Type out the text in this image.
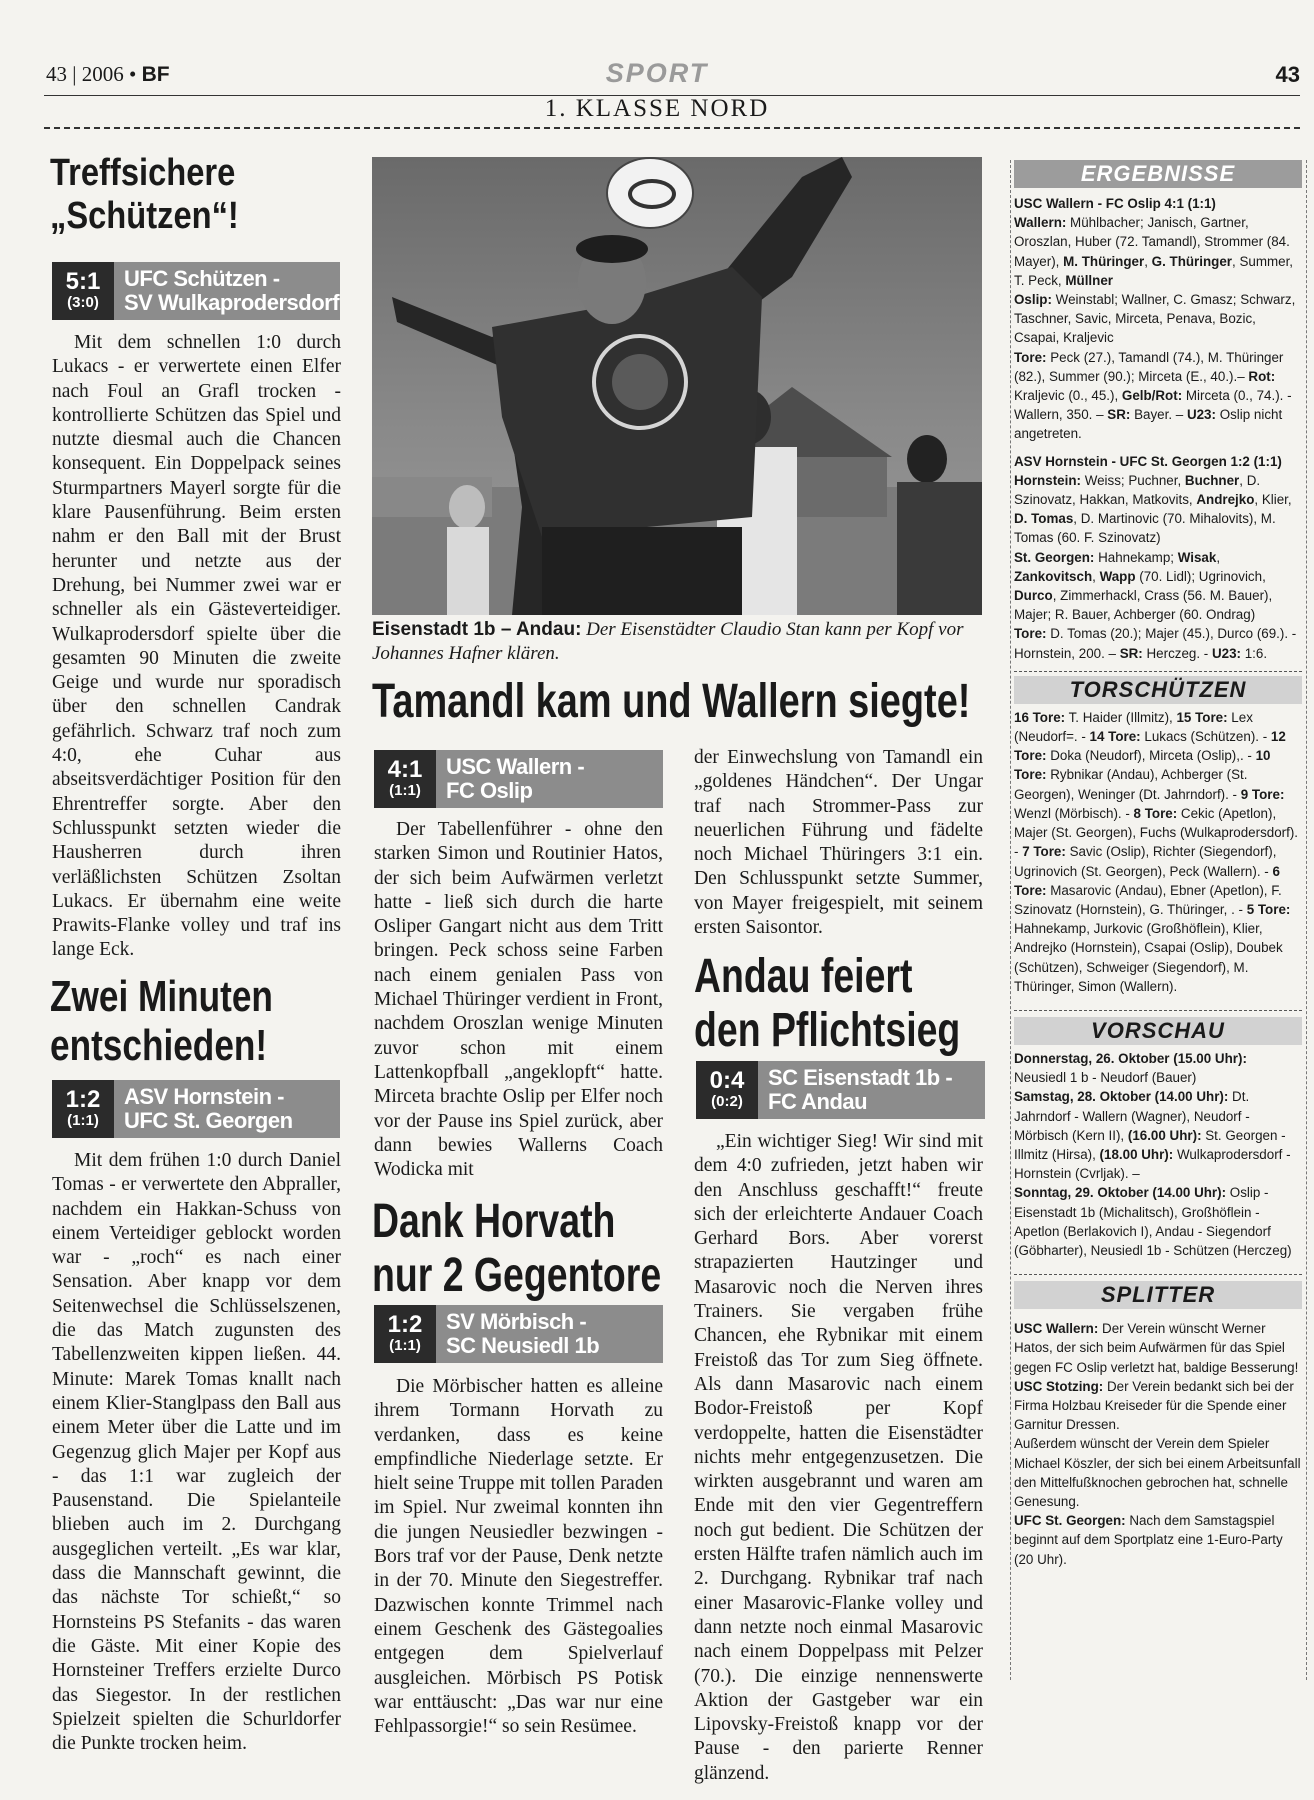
43 | 2006 • BF	SPORT	43
1. KLASSE NORD
Treffsichere
„Schützen“!
5:1
(3:0)
UFC Schützen -
SV Wulkaprodersdorf

Mit dem schnellen 1:0 durch Lukacs - er verwertete einen Elfer nach Foul an Grafl trocken - kontrollierte Schützen das Spiel und nutzte diesmal auch die Chancen konsequent. Ein Doppelpack seines Sturmpartners Mayerl sorgte für die klare Pausenführung. Beim ersten nahm er den Ball mit der Brust herunter und netzte aus der Drehung, bei Nummer zwei war er schneller als ein Gästeverteidiger. Wulkaprodersdorf spielte über die gesamten 90 Minuten die zweite Geige und wurde nur sporadisch über den schnellen Candrak gefährlich. Schwarz traf noch zum 4:0, ehe Cuhar aus abseitsverdächtiger Position für den Ehrentreffer sorgte. Aber den Schlusspunkt setzten wieder die Hausherren durch ihren verläßlichsten Schützen Zsoltan Lukacs. Er übernahm eine weite Prawits-Flanke volley und traf ins lange Eck.

Zwei Minuten
entschieden!
1:2
(1:1)
ASV Hornstein -
UFC St. Georgen

Mit dem frühen 1:0 durch Daniel Tomas - er verwertete den Abpraller, nachdem ein Hakkan-Schuss von einem Verteidiger geblockt worden war - „roch“ es nach einer Sensation. Aber knapp vor dem Seitenwechsel die Schlüsselszenen, die das Match zugunsten des Tabellenzweiten kippen ließen. 44. Minute: Marek Tomas knallt nach einem Klier-Stanglpass den Ball aus einem Meter über die Latte und im Gegenzug glich Majer per Kopf aus - das 1:1 war zugleich der Pausenstand. Die Spielanteile blieben auch im 2. Durchgang ausgeglichen verteilt. „Es war klar, dass die Mannschaft gewinnt, die das nächste Tor schießt,“ so Hornsteins PS Stefanits - das waren die Gäste. Mit einer Kopie des Hornsteiner Treffers erzielte Durco das Siegestor. In der restlichen Spielzeit spielten die Schurldorfer die Punkte trocken heim.

Eisenstadt 1b – Andau: Der Eisenstädter Claudio Stan kann per Kopf vor Johannes Hafner klären.
Tamandl kam und Wallern siegte!
4:1
(1:1)
USC Wallern -
FC Oslip

Der Tabellenführer - ohne den starken Simon und Routinier Hatos, der sich beim Aufwärmen verletzt hatte - ließ sich durch die harte Osliper Gangart nicht aus dem Tritt bringen. Peck schoss seine Farben nach einem genialen Pass von Michael Thüringer verdient in Front, nachdem Oroszlan wenige Minuten zuvor schon mit einem Lattenkopfball „angeklopft“ hatte. Mirceta brachte Oslip per Elfer noch vor der Pause ins Spiel zurück, aber dann bewies Wallerns Coach Wodicka mit

der Einwechslung von Tamandl ein „goldenes Händchen“. Der Ungar traf nach Strommer-Pass zur neuerlichen Führung und fädelte noch Michael Thüringers 3:1 ein. Den Schlusspunkt setzte Summer, von Mayer freigespielt, mit seinem ersten Saisontor.

Dank Horvath
nur 2 Gegentore
1:2
(1:1)
SV Mörbisch -
SC Neusiedl 1b

Die Mörbischer hatten es alleine ihrem Tormann Horvath zu verdanken, dass es keine empfindliche Niederlage setzte. Er hielt seine Truppe mit tollen Paraden im Spiel. Nur zweimal konnten ihn die jungen Neusiedler bezwingen - Bors traf vor der Pause, Denk netzte in der 70. Minute den Siegestreffer. Dazwischen konnte Trimmel nach einem Geschenk des Gästegoalies entgegen dem Spielverlauf ausgleichen. Mörbisch PS Potisk war enttäuscht: „Das war nur eine Fehlpassorgie!“ so sein Resümee.

Andau feiert
den Pflichtsieg
0:4
(0:2)
SC Eisenstadt 1b -
FC Andau

„Ein wichtiger Sieg! Wir sind mit dem 4:0 zufrieden, jetzt haben wir den Anschluss geschafft!“ freute sich der erleichterte Andauer Coach Gerhard Bors. Aber vorerst strapazierten Hautzinger und Masarovic noch die Nerven ihres Trainers. Sie vergaben frühe Chancen, ehe Rybnikar mit einem Freistoß das Tor zum Sieg öffnete. Als dann Masarovic nach einem Bodor-Freistoß per Kopf verdoppelte, hatten die Eisenstädter nichts mehr entgegenzusetzen. Die wirkten ausgebrannt und waren am Ende mit den vier Gegentreffern noch gut bedient. Die Schützen der ersten Hälfte trafen nämlich auch im 2. Durchgang. Rybnikar traf nach einer Masarovic-Flanke volley und dann netzte noch einmal Masarovic nach einem Doppelpass mit Pelzer (70.). Die einzige nennenswerte Aktion der Gastgeber war ein Lipovsky-Freistoß knapp vor der Pause - den parierte Renner glänzend.

ERGEBNISSE

USC Wallern - FC Oslip 4:1 (1:1)
Wallern: Mühlbacher; Janisch, Gartner, Oroszlan, Huber (72. Tamandl), Strommer (84. Mayer), M. Thüringer, G. Thüringer, Summer, T. Peck, Müllner
Oslip: Weinstabl; Wallner, C. Gmasz; Schwarz, Taschner, Savic, Mirceta, Penava, Bozic, Csapai, Kraljevic
Tore: Peck (27.), Tamandl (74.), M. Thüringer (82.), Summer (90.); Mirceta (E., 40.).– Rot: Kraljevic (0., 45.), Gelb/Rot: Mirceta (0., 74.). - Wallern, 350. – SR: Bayer. – U23: Oslip nicht angetreten.

ASV Hornstein - UFC St. Georgen 1:2 (1:1)
Hornstein: Weiss; Puchner, Buchner, D. Szinovatz, Hakkan, Matkovits, Andrejko, Klier, D. Tomas, D. Martinovic (70. Mihalovits), M. Tomas (60. F. Szinovatz)
St. Georgen: Hahnekamp; Wisak, Zankovitsch, Wapp (70. Lidl); Ugrinovich, Durco, Zimmerhackl, Crass (56. M. Bauer), Majer; R. Bauer, Achberger (60. Ondrag)
Tore: D. Tomas (20.); Majer (45.), Durco (69.). - Hornstein, 200. – SR: Herczeg. - U23: 1:6.

TORSCHÜTZEN

16 Tore: T. Haider (Illmitz), 15 Tore: Lex (Neudorf=. - 14 Tore: Lukacs (Schützen). - 12 Tore: Doka (Neudorf), Mirceta (Oslip),. - 10 Tore: Rybnikar (Andau), Achberger (St. Georgen), Weninger (Dt. Jahrndorf). - 9 Tore: Wenzl (Mörbisch). - 8 Tore: Cekic (Apetlon), Majer (St. Georgen), Fuchs (Wulkaprodersdorf). - 7 Tore: Savic (Oslip), Richter (Siegendorf), Ugrinovich (St. Georgen), Peck (Wallern). - 6 Tore: Masarovic (Andau), Ebner (Apetlon), F. Szinovatz (Hornstein), G. Thüringer, . - 5 Tore: Hahnekamp, Jurkovic (Großhöflein), Klier, Andrejko (Hornstein), Csapai (Oslip), Doubek (Schützen), Schweiger (Siegendorf), M. Thüringer, Simon (Wallern).

VORSCHAU

Donnerstag, 26. Oktober (15.00 Uhr):
Neusiedl 1 b - Neudorf (Bauer)
Samstag, 28. Oktober (14.00 Uhr): Dt. Jahrndorf - Wallern (Wagner), Neudorf - Mörbisch (Kern II), (16.00 Uhr): St. Georgen - Illmitz (Hirsa), (18.00 Uhr): Wulkaprodersdorf - Hornstein (Cvrljak). –
Sonntag, 29. Oktober (14.00 Uhr): Oslip - Eisenstadt 1b (Michalitsch), Großhöflein - Apetlon (Berlakovich I), Andau - Siegendorf (Göbharter), Neusiedl 1b - Schützen (Herczeg)

SPLITTER

USC Wallern: Der Verein wünscht Werner Hatos, der sich beim Aufwärmen für das Spiel gegen FC Oslip verletzt hat, baldige Besserung!
USC Stotzing: Der Verein bedankt sich bei der Firma Holzbau Kreiseder für die Spende einer Garnitur Dressen.
Außerdem wünscht der Verein dem Spieler Michael Köszler, der sich bei einem Arbeitsunfall den Mittelfußknochen gebrochen hat, schnelle Genesung.
UFC St. Georgen: Nach dem Samstagspiel beginnt auf dem Sportplatz eine 1-Euro-Party (20 Uhr).
